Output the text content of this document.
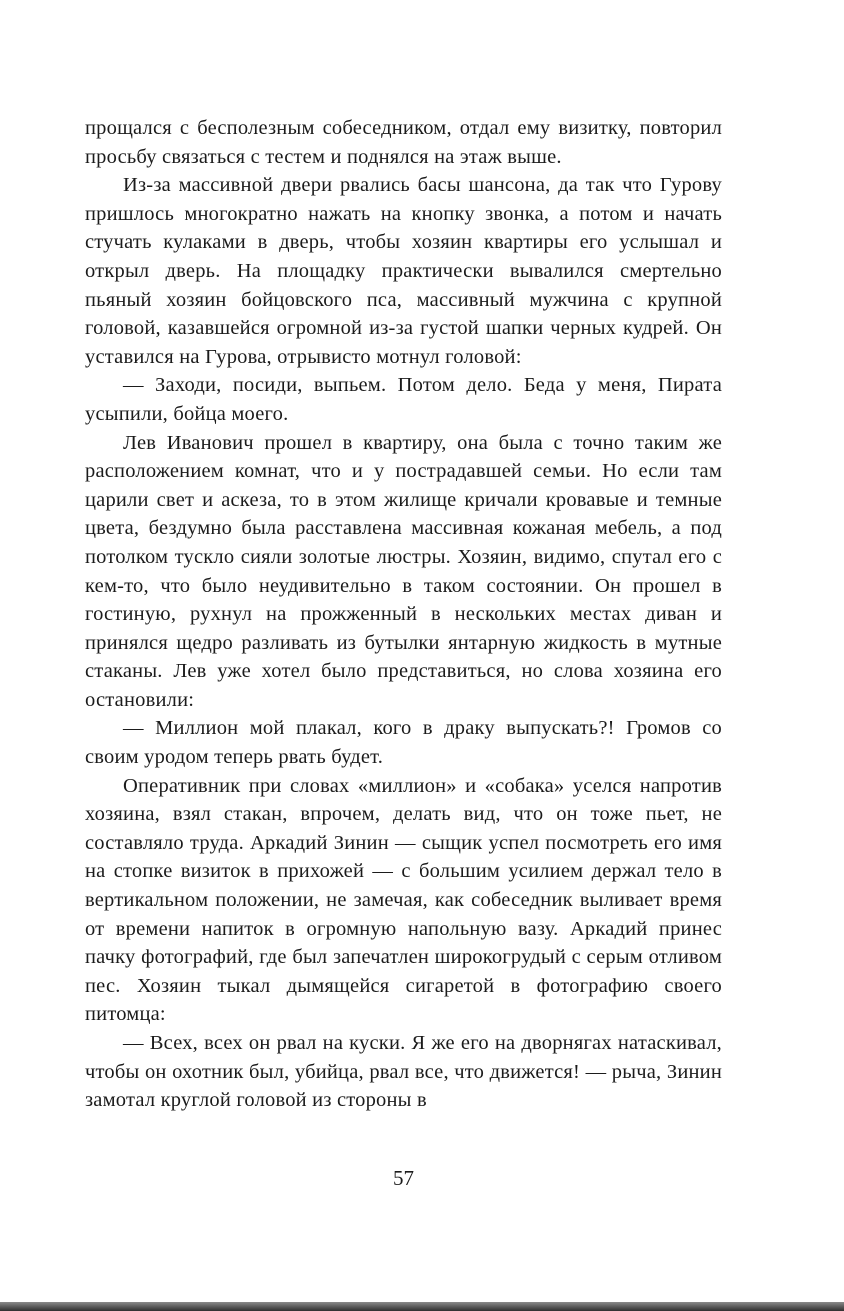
прощался с бесполезным собеседником, отдал ему визитку, повторил просьбу связаться с тестем и поднялся на этаж выше.

Из-за массивной двери рвались басы шансона, да так что Гурову пришлось многократно нажать на кнопку звонка, а потом и начать стучать кулаками в дверь, чтобы хозяин квартиры его услышал и открыл дверь. На площадку практически вывалился смертельно пьяный хозяин бойцовского пса, массивный мужчина с крупной головой, казавшейся огромной из-за густой шапки черных кудрей. Он уставился на Гурова, отрывисто мотнул головой:

— Заходи, посиди, выпьем. Потом дело. Беда у меня, Пирата усыпили, бойца моего.

Лев Иванович прошел в квартиру, она была с точно таким же расположением комнат, что и у пострадавшей семьи. Но если там царили свет и аскеза, то в этом жилище кричали кровавые и темные цвета, бездумно была расставлена массивная кожаная мебель, а под потолком тускло сияли золотые люстры. Хозяин, видимо, спутал его с кем-то, что было неудивительно в таком состоянии. Он прошел в гостиную, рухнул на прожженный в нескольких местах диван и принялся щедро разливать из бутылки янтарную жидкость в мутные стаканы. Лев уже хотел было представиться, но слова хозяина его остановили:

— Миллион мой плакал, кого в драку выпускать?! Громов со своим уродом теперь рвать будет.

Оперативник при словах «миллион» и «собака» уселся напротив хозяина, взял стакан, впрочем, делать вид, что он тоже пьет, не составляло труда. Аркадий Зинин — сыщик успел посмотреть его имя на стопке визиток в прихожей — с большим усилием держал тело в вертикальном положении, не замечая, как собеседник выливает время от времени напиток в огромную напольную вазу. Аркадий принес пачку фотографий, где был запечатлен широкогрудый с серым отливом пес. Хозяин тыкал дымящейся сигаретой в фотографию своего питомца:

— Всех, всех он рвал на куски. Я же его на дворнягах натаскивал, чтобы он охотник был, убийца, рвал все, что движется! — рыча, Зинин замотал круглой головой из стороны в

57
